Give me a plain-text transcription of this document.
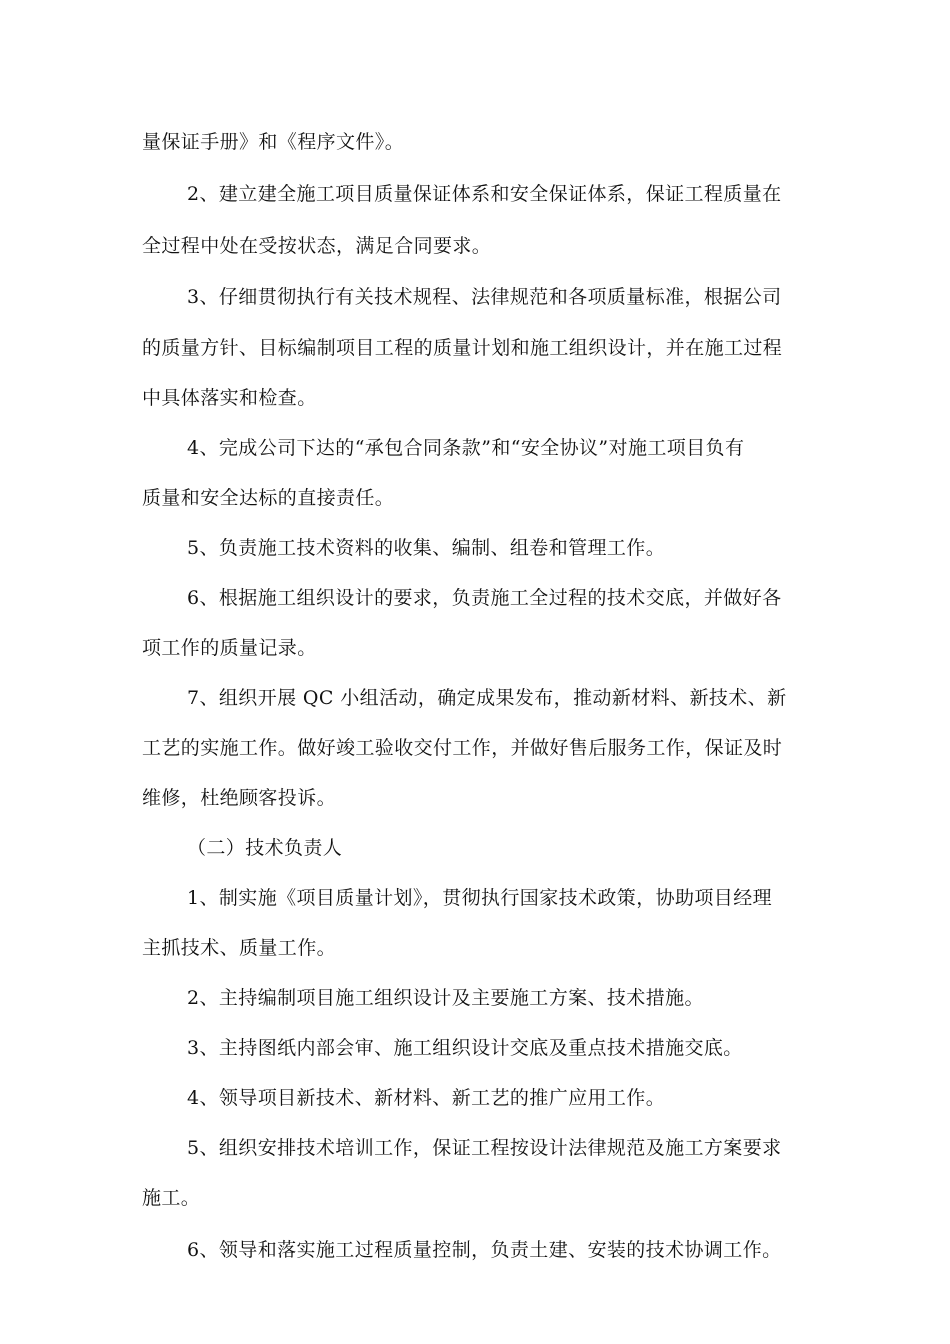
量保证手册》和《程序文件》。
2、建立建全施工项目质量保证体系和安全保证体系，保证工程质量在
全过程中处在受按状态，满足合同要求。
3、仔细贯彻执行有关技术规程、法律规范和各项质量标准，根据公司
的质量方针、目标编制项目工程的质量计划和施工组织设计，并在施工过程
中具体落实和检查。
4、完成公司下达的“承包合同条款”和“安全协议”对施工项目负有
质量和安全达标的直接责任。
5、负责施工技术资料的收集、编制、组卷和管理工作。
6、根据施工组织设计的要求，负责施工全过程的技术交底，并做好各
项工作的质量记录。
7、组织开展 QC 小组活动，确定成果发布，推动新材料、新技术、新
工艺的实施工作。做好竣工验收交付工作，并做好售后服务工作，保证及时
维修，杜绝顾客投诉。
（二）技术负责人
1、制实施《项目质量计划》，贯彻执行国家技术政策，协助项目经理
主抓技术、质量工作。
2、主持编制项目施工组织设计及主要施工方案、技术措施。
3、主持图纸内部会审、施工组织设计交底及重点技术措施交底。
4、领导项目新技术、新材料、新工艺的推广应用工作。
5、组织安排技术培训工作，保证工程按设计法律规范及施工方案要求
施工。
6、领导和落实施工过程质量控制，负责土建、安装的技术协调工作。
